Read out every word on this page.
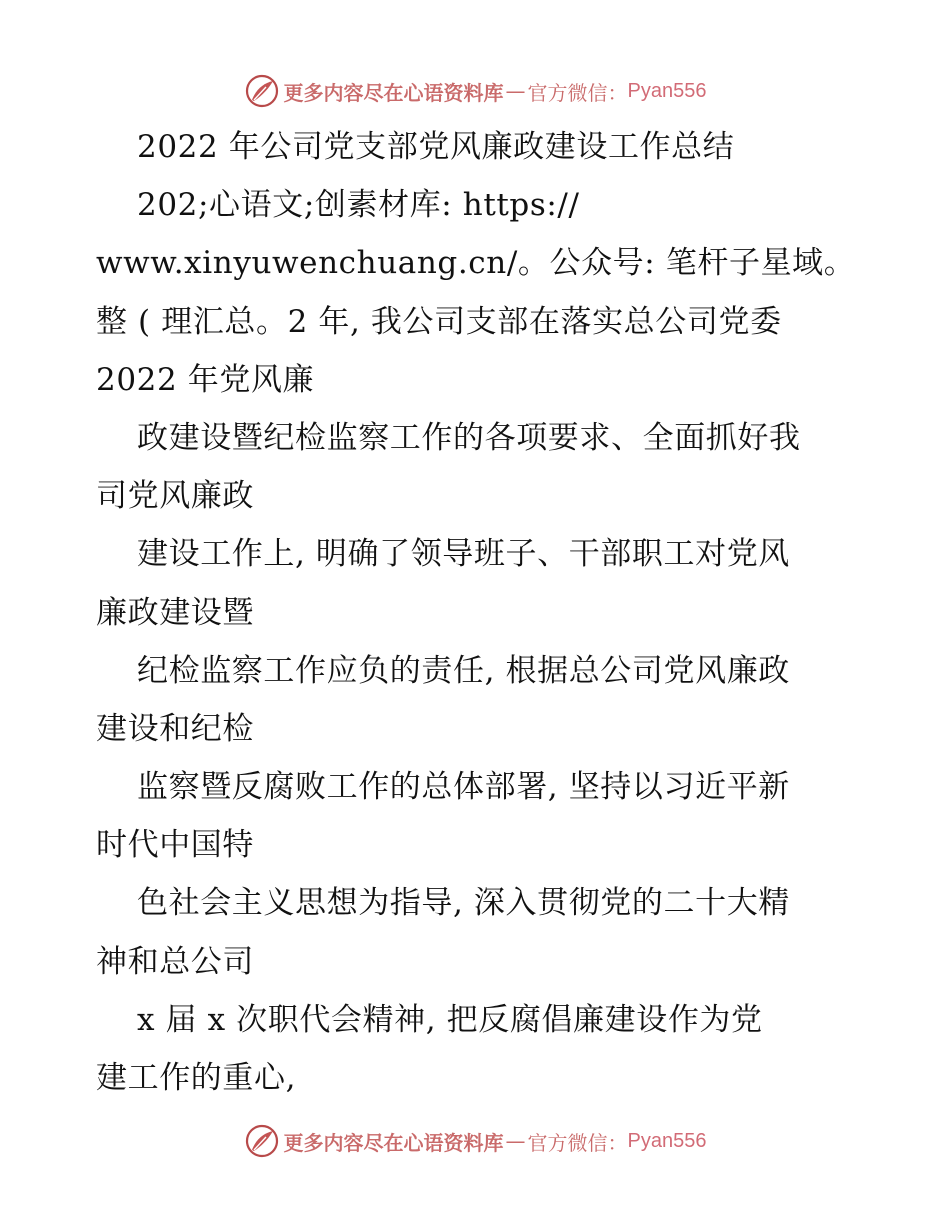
更多内容尽在心语资料库 — 官方微信： Pyan556
2022 年公司党支部党风廉政建设工作总结
202;心语文;创素材库: https://
www.xinyuwenchuang.cn/。公众号: 笔杆子星域。
整 ( 理汇总。2 年, 我公司支部在落实总公司党委
2022 年党风廉
政建设暨纪检监察工作的各项要求、全面抓好我
司党风廉政
建设工作上, 明确了领导班子、干部职工对党风
廉政建设暨
纪检监察工作应负的责任, 根据总公司党风廉政
建设和纪检
监察暨反腐败工作的总体部署, 坚持以习近平新
时代中国特
色社会主义思想为指导, 深入贯彻党的二十大精
神和总公司
x 届 x 次职代会精神, 把反腐倡廉建设作为党
建工作的重心,
更多内容尽在心语资料库 — 官方微信： Pyan556
